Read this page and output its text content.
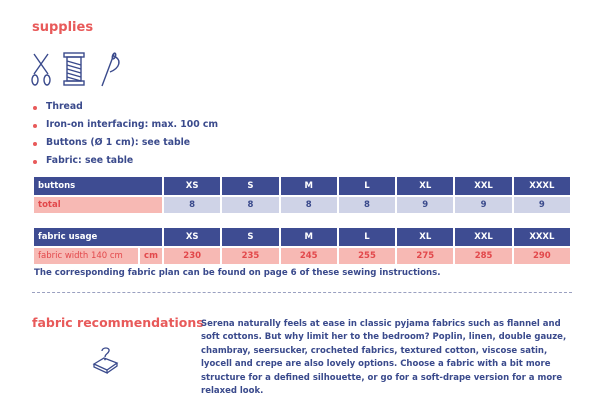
supplies
Thread
Iron-on interfacing: max. 100 cm
Buttons (Ø 1 cm): see table
Fabric: see table
buttons	XS	S	M	L	XL	XXL	XXXL
total	8	8	8	8	9	9	9
fabric usage		XS	S	M	L	XL	XXL	XXXL
fabric width 140 cm	cm	230	235	245	255	275	285	290
The corresponding fabric plan can be found on page 6 of these sewing instructions.
fabric recommendations
Serena naturally feels at ease in classic pyjama fabrics such as flannel and soft cottons. But why limit her to the bedroom? Poplin, linen, double gauze, chambray, seersucker, crocheted fabrics, textured cotton, viscose satin, lyocell and crepe are also lovely options. Choose a fabric with a bit more structure for a defined silhouette, or go for a soft-drape version for a more relaxed look.
